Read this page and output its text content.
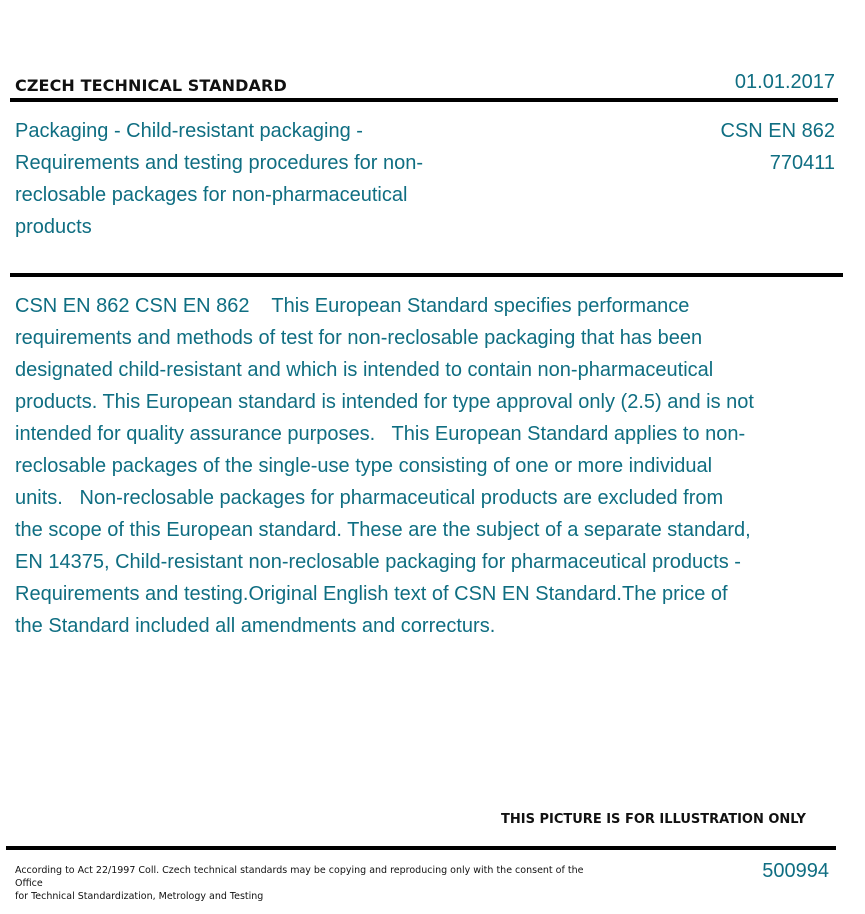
CZECH TECHNICAL STANDARD	01.01.2017
Packaging - Child-resistant packaging - Requirements and testing procedures for non-reclosable packages for non-pharmaceutical products
CSN EN 862
770411

CSN EN 862 CSN EN 862    This European Standard specifies performance requirements and methods of test for non-reclosable packaging that has been designated child-resistant and which is intended to contain non-pharmaceutical products. This European standard is intended for type approval only (2.5) and is not intended for quality assurance purposes.   This European Standard applies to non-reclosable packages of the single-use type consisting of one or more individual units.   Non-reclosable packages for pharmaceutical products are excluded from the scope of this European standard. These are the subject of a separate standard, EN 14375, Child-resistant non-reclosable packaging for pharmaceutical products - Requirements and testing.Original English text of CSN EN Standard.The price of the Standard included all amendments and correcturs.

THIS PICTURE IS FOR ILLUSTRATION ONLY
According to Act 22/1997 Coll. Czech technical standards may be copying and reproducing only with the consent of the Office
for Technical Standardization, Metrology and Testing
500994
